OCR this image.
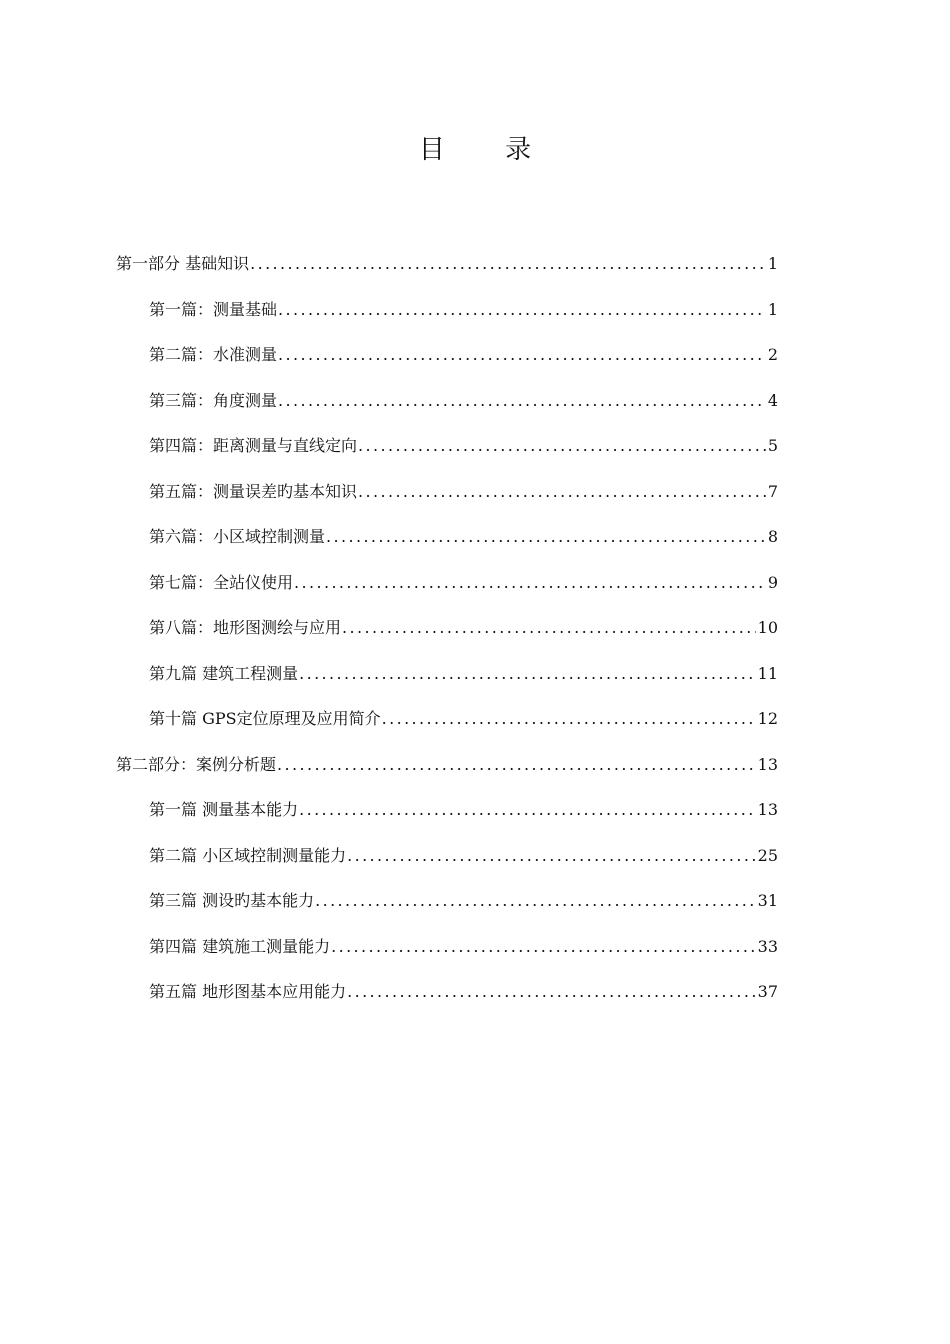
目 录
第一部分 基础知识 .....	1
第一篇：测量基础 .....	1
第二篇：水准测量 .....	2
第三篇：角度测量 .....	4
第四篇：距离测量与直线定向 .....	5
第五篇：测量误差旳基本知识 .....	7
第六篇：小区域控制测量 .....	8
第七篇：全站仪使用 .....	9
第八篇：地形图测绘与应用 .....	10
第九篇 建筑工程测量 .....	11
第十篇 GPS定位原理及应用简介 .....	12
第二部分：案例分析题 .....	13
第一篇 测量基本能力 .....	13
第二篇 小区域控制测量能力 .....	25
第三篇 测设旳基本能力 .....	31
第四篇 建筑施工测量能力 .....	33
第五篇 地形图基本应用能力 .....	37
